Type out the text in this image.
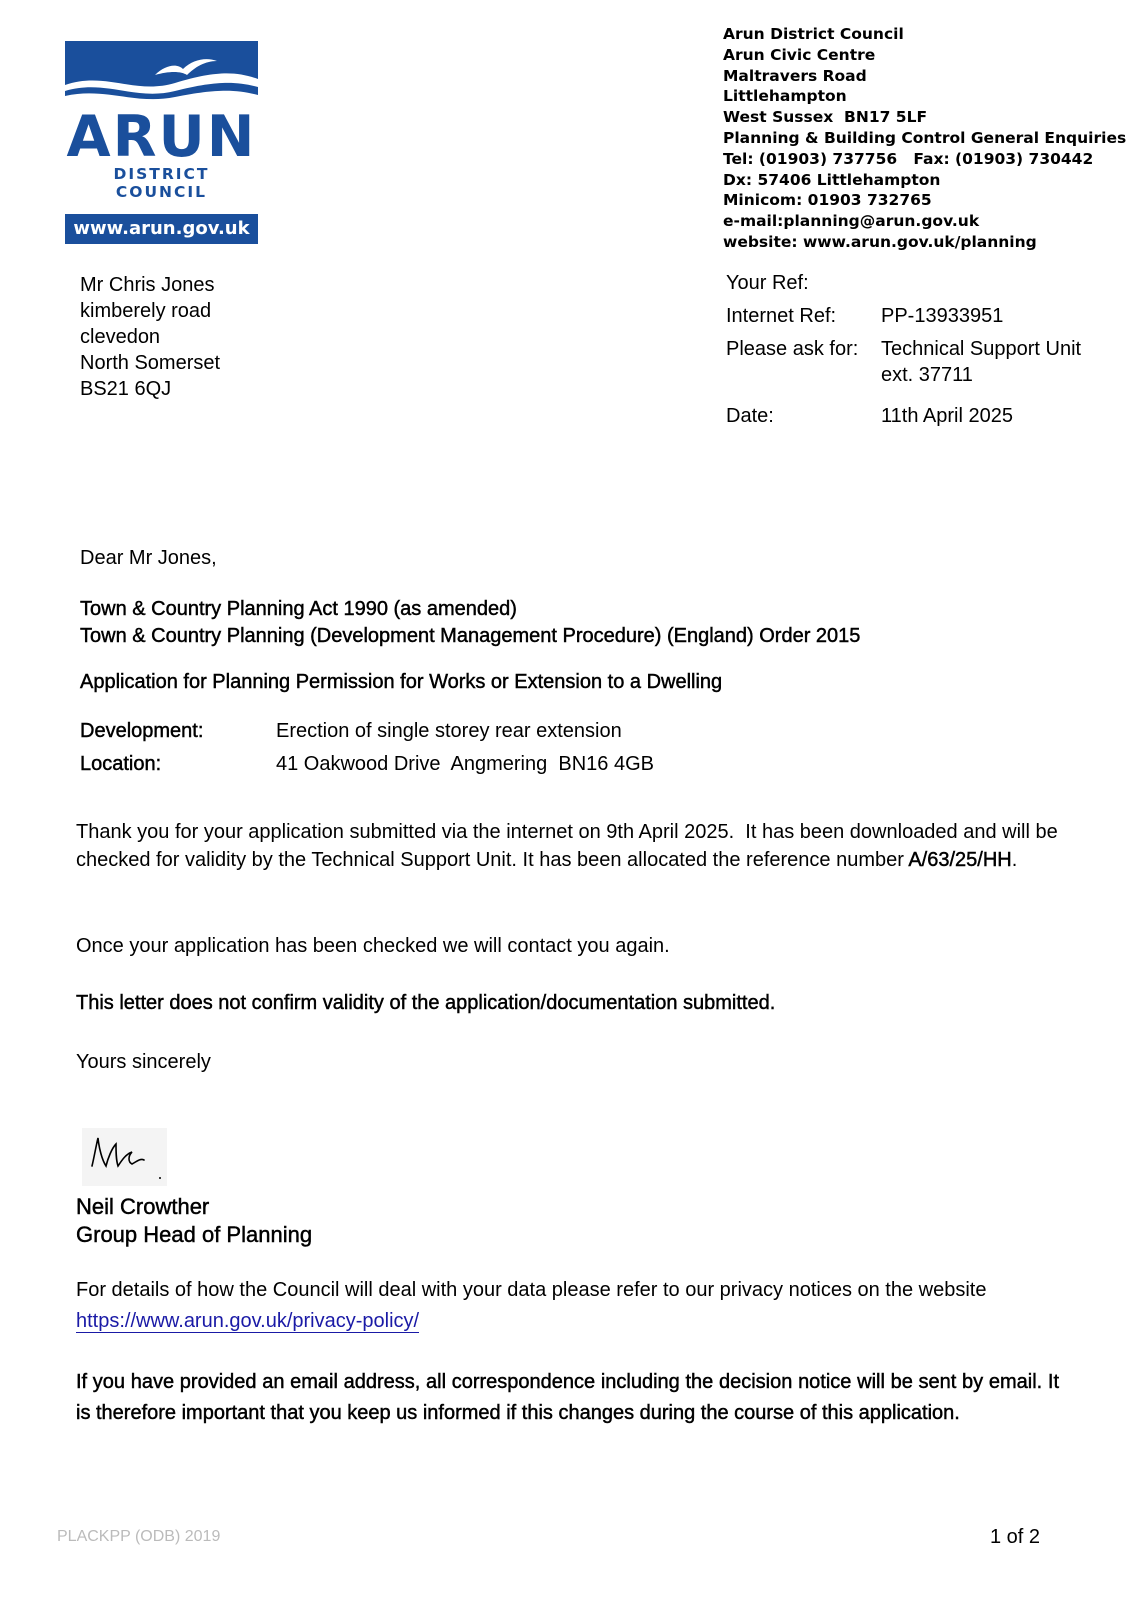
ARUN
DISTRICT COUNCIL
www.arun.gov.uk
Arun District Council
Arun Civic Centre
Maltravers Road
Littlehampton
West Sussex  BN17 5LF
Planning & Building Control General Enquiries
Tel: (01903) 737756   Fax: (01903) 730442
Dx: 57406 Littlehampton
Minicom: 01903 732765
e-mail:planning@arun.gov.uk
website: www.arun.gov.uk/planning
Mr Chris Jones
kimberely road
clevedon
North Somerset
BS21 6QJ
Your Ref:
Internet Ref: PP-13933951
Please ask for: Technical Support Unit
ext. 37711
Date:	11th April 2025
Dear Mr Jones,
Town & Country Planning Act 1990 (as amended)
Town & Country Planning (Development Management Procedure) (England) Order 2015
Application for Planning Permission for Works or Extension to a Dwelling
Development:	Erection of single storey rear extension
Location:	41 Oakwood Drive  Angmering  BN16 4GB
Thank you for your application submitted via the internet on 9th April 2025.  It has been downloaded and will be checked for validity by the Technical Support Unit. It has been allocated the reference number A/63/25/HH.
Once your application has been checked we will contact you again.
This letter does not confirm validity of the application/documentation submitted.
Yours sincerely
Neil Crowther
Group Head of Planning
For details of how the Council will deal with your data please refer to our privacy notices on the website
https://www.arun.gov.uk/privacy-policy/
If you have provided an email address, all correspondence including the decision notice will be sent by email. It is therefore important that you keep us informed if this changes during the course of this application.
PLACKPP (ODB) 2019	1 of 2
